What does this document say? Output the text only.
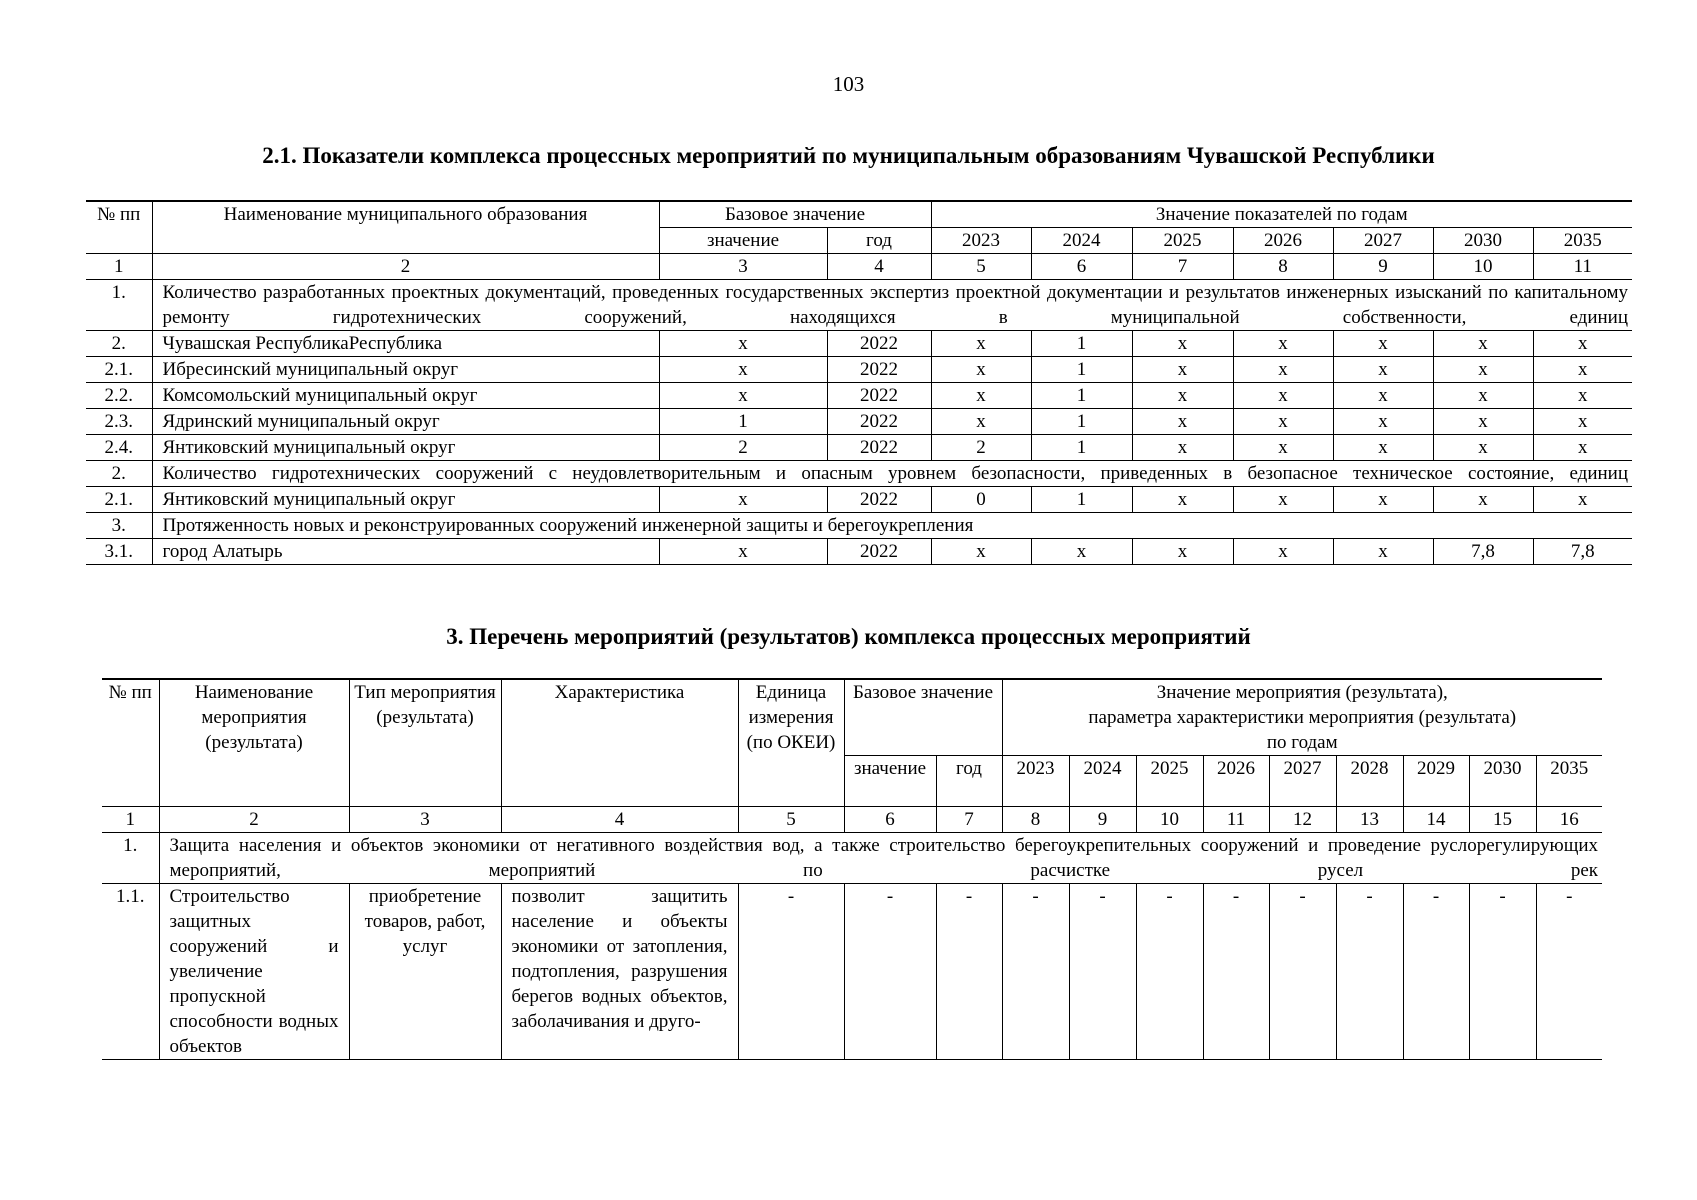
103
2.1. Показатели комплекса процессных мероприятий по муниципальным образованиям Чувашской Республики
№ пп	Наименование муниципального образования	Базовое значение		Значение показателей по годам						
		значение	год	2023	2024	2025	2026	2027	2030	2035
1	2	3	4	5	6	7	8	9	10	11
1.	Количество разработанных проектных документаций, проведенных государственных экспертиз проектной документации и результатов инженерных изысканий по капитальному ремонту гидротехнических сооружений, находящихся в муниципальной собственности, единиц									
2.	Чувашская РеспубликаРеспублика	х	2022	х	1	х	х	х	х	х
2.1.	Ибресинский муниципальный округ	х	2022	х	1	х	х	х	х	х
2.2.	Комсомольский муниципальный округ	х	2022	х	1	х	х	х	х	х
2.3.	Ядринский муниципальный округ	1	2022	х	1	х	х	х	х	х
2.4.	Янтиковский муниципальный округ	2	2022	2	1	х	х	х	х	х
2.	Количество гидротехнических сооружений с неудовлетворительным и опасным уровнем безопасности, приведенных в безопасное техническое состояние, единиц									
2.1.	Янтиковский муниципальный округ	х	2022	0	1	х	х	х	х	х
3.	Протяженность новых и реконструированных сооружений инженерной защиты и берегоукрепления									
3.1.	город Алатырь	х	2022	х	х	х	х	х	7,8	7,8
3. Перечень мероприятий (результатов) комплекса процессных мероприятий
№ пп	Наименование мероприятия (результата)	Тип мероприятия (результата)	Характеристика	Единица измерения (по ОКЕИ)	Базовое значение		Значение мероприятия (результата),
параметра характеристики мероприятия (результата)
по годам								

					значение	год	2023	2024	2025	2026	2027	2028	2029	2030	2035
1	2	3	4	5	6	7	8	9	10	11	12	13	14	15	16
1.	Защита населения и объектов экономики от негативного воздействия вод, а также строительство берегоукрепительных сооружений и проведение руслорегулирующих мероприятий, мероприятий по расчистке русел рек														
1.1.	Строительство защитных сооружений и увеличение пропускной способности водных объектов	приобретение товаров, работ, услуг	позволит защитить население и объекты экономики от затопления, подтопления, разрушения берегов водных объектов, заболачивания и друго-	-	-	-	-	-	-	-	-	-	-	-	-
